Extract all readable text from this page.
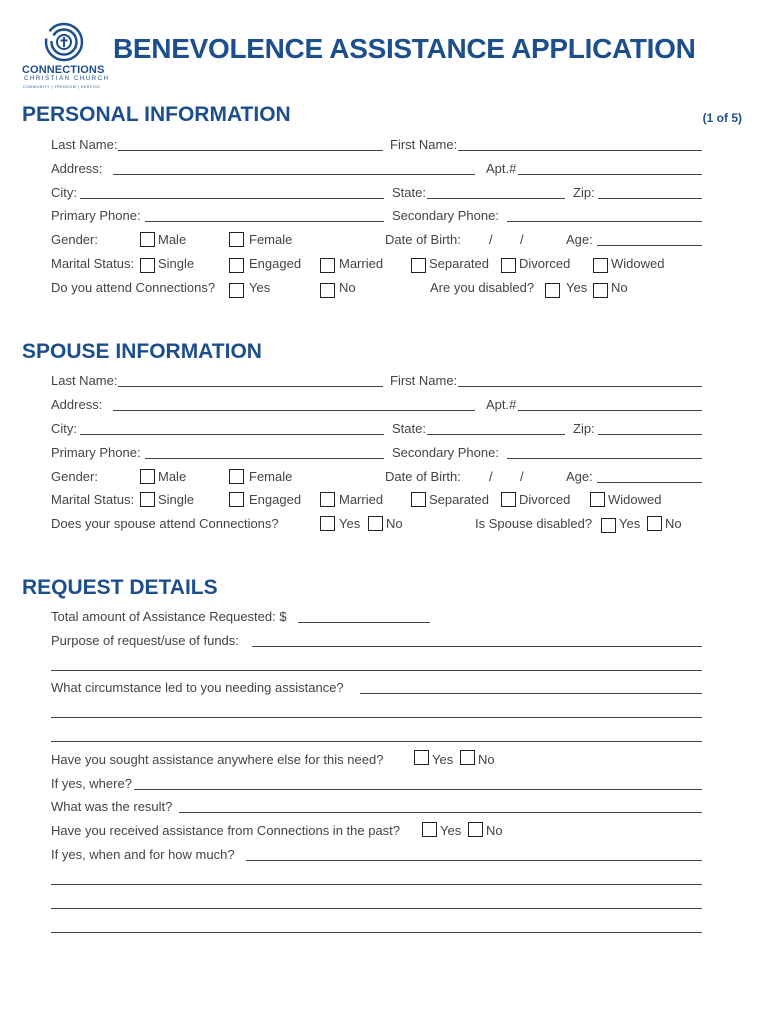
CONNECTIONS
CHRISTIAN CHURCH
COMMUNITY | FREEDOM | SERVICE
BENEVOLENCE ASSISTANCE APPLICATION
(1 of 5)
PERSONAL INFORMATION
Last Name:	First Name:
Address:	Apt.#
City:	State:	Zip:
Primary Phone:	Secondary Phone:
Gender:	Male	Female	Date of Birth: / /	Age:
Marital Status: Single	Engaged	Married	Separated Divorced	Widowed
Do you attend Connections?	Yes	No	Are you disabled? Yes No
SPOUSE INFORMATION
Last Name:	First Name:
Address:	Apt.#
City:	State:	Zip:
Primary Phone:	Secondary Phone:
Gender:	Male	Female	Date of Birth: / /	Age:
Marital Status: Single	Engaged	Married	Separated Divorced	Widowed
Does your spouse attend Connections?	Yes No	Is Spouse disabled? Yes No
REQUEST DETAILS
Total amount of Assistance Requested: $
Purpose of request/use of funds:
What circumstance led to you needing assistance?
Have you sought assistance anywhere else for this need?	Yes No
If yes, where?
What was the result?
Have you received assistance from Connections in the past?	Yes No
If yes, when and for how much?
